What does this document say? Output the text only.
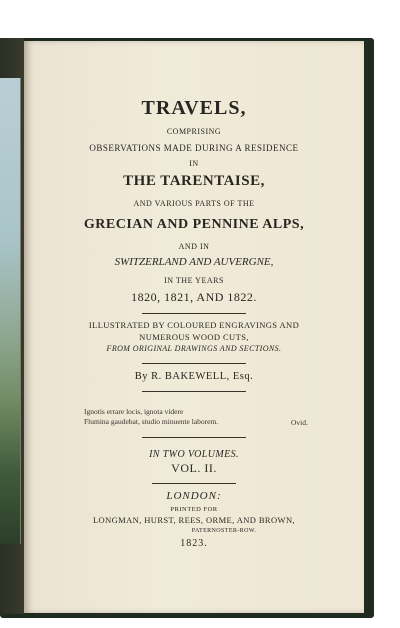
TRAVELS,
COMPRISING
OBSERVATIONS MADE DURING A RESIDENCE
IN
THE TARENTAISE,
AND VARIOUS PARTS OF THE
GRECIAN AND PENNINE ALPS,
AND IN
SWITZERLAND AND AUVERGNE,
IN THE YEARS
1820, 1821, AND 1822.
ILLUSTRATED BY COLOURED ENGRAVINGS AND
NUMEROUS WOOD CUTS,
FROM ORIGINAL DRAWINGS AND SECTIONS.
By R. BAKEWELL, Esq.
Ignotis errare locis, ignota videre
Flumina gaudebat, studio minuente laborem.	Ovid.
IN TWO VOLUMES.
VOL. II.
LONDON:
PRINTED FOR
LONGMAN, HURST, REES, ORME, AND BROWN,
PATERNOSTER-ROW.
1823.
